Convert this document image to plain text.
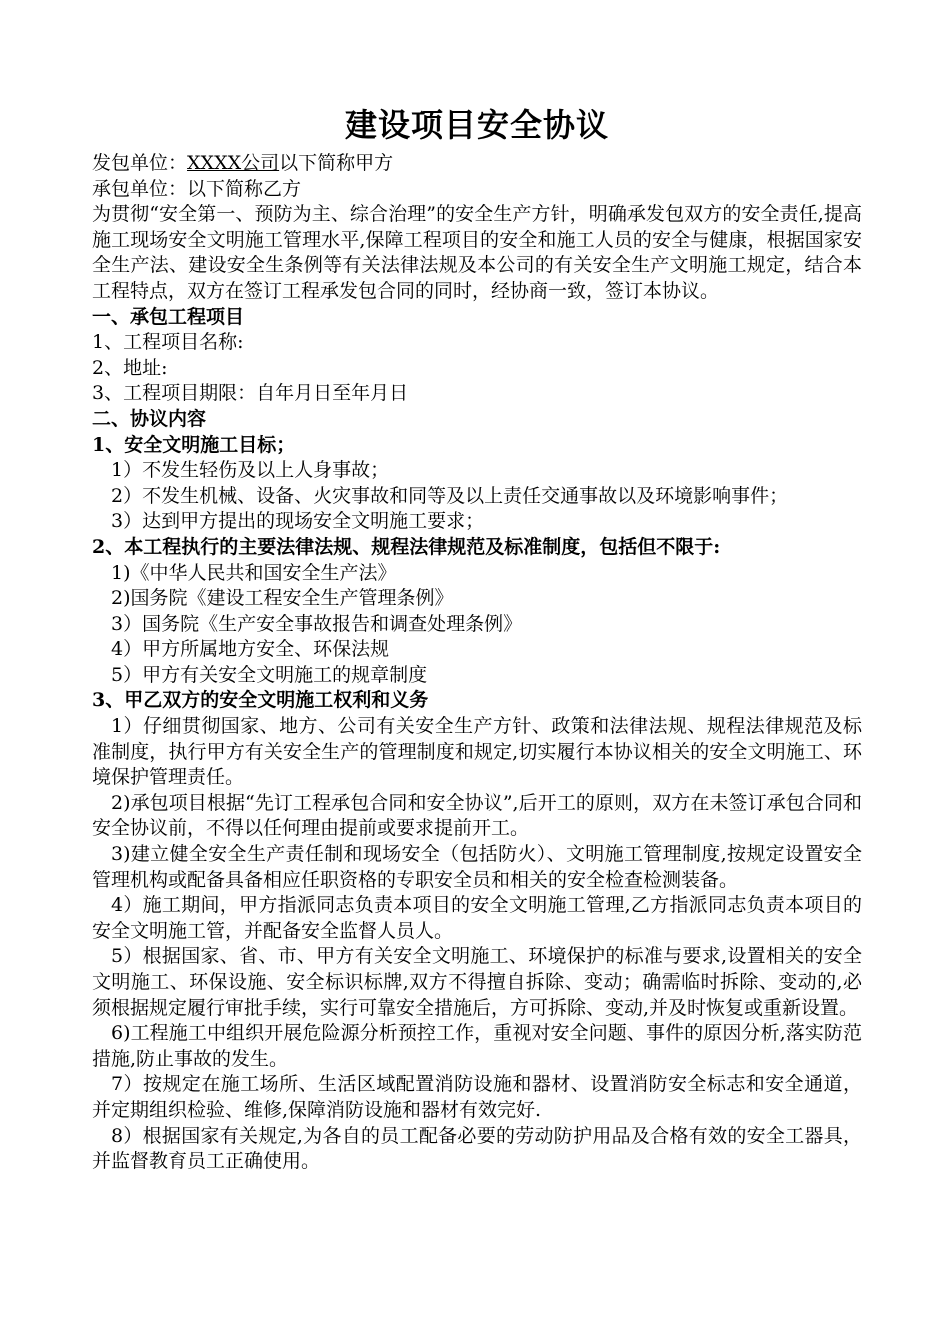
建设项目安全协议

发包单位：XXXX公司以下简称甲方

承包单位：以下简称乙方

为贯彻“安全第一、预防为主、综合治理”的安全生产方针，明确承发包双方的安全责任,提高施工现场安全文明施工管理水平,保障工程项目的安全和施工人员的安全与健康，根据国家安全生产法、建设安全生条例等有关法律法规及本公司的有关安全生产文明施工规定，结合本工程特点，双方在签订工程承发包合同的同时，经协商一致，签订本协议。

一、承包工程项目

1、工程项目名称:

2、地址:

3、工程项目期限：自年月日至年月日

二、协议内容

1、安全文明施工目标；

1）不发生轻伤及以上人身事故；

2）不发生机械、设备、火灾事故和同等及以上责任交通事故以及环境影响事件；

3）达到甲方提出的现场安全文明施工要求；

2、本工程执行的主要法律法规、规程法律规范及标准制度，包括但不限于:

1)《中华人民共和国安全生产法》

2)国务院《建设工程安全生产管理条例》

3）国务院《生产安全事故报告和调查处理条例》

4）甲方所属地方安全、环保法规

5）甲方有关安全文明施工的规章制度

3、甲乙双方的安全文明施工权利和义务

1）仔细贯彻国家、地方、公司有关安全生产方针、政策和法律法规、规程法律规范及标准制度，执行甲方有关安全生产的管理制度和规定,切实履行本协议相关的安全文明施工、环境保护管理责任。

2)承包项目根据“先订工程承包合同和安全协议”,后开工的原则，双方在未签订承包合同和安全协议前，不得以任何理由提前或要求提前开工。

3)建立健全安全生产责任制和现场安全（包括防火）、文明施工管理制度,按规定设置安全管理机构或配备具备相应任职资格的专职安全员和相关的安全检查检测装备。

4）施工期间，甲方指派同志负责本项目的安全文明施工管理,乙方指派同志负责本项目的安全文明施工管，并配备安全监督人员人。

5）根据国家、省、市、甲方有关安全文明施工、环境保护的标准与要求,设置相关的安全文明施工、环保设施、安全标识标牌,双方不得擅自拆除、变动；确需临时拆除、变动的,必须根据规定履行审批手续，实行可靠安全措施后，方可拆除、变动,并及时恢复或重新设置。

6)工程施工中组织开展危险源分析预控工作，重视对安全问题、事件的原因分析,落实防范措施,防止事故的发生。

7）按规定在施工场所、生活区域配置消防设施和器材、设置消防安全标志和安全通道，并定期组织检验、维修,保障消防设施和器材有效完好.

8）根据国家有关规定,为各自的员工配备必要的劳动防护用品及合格有效的安全工器具，并监督教育员工正确使用。
